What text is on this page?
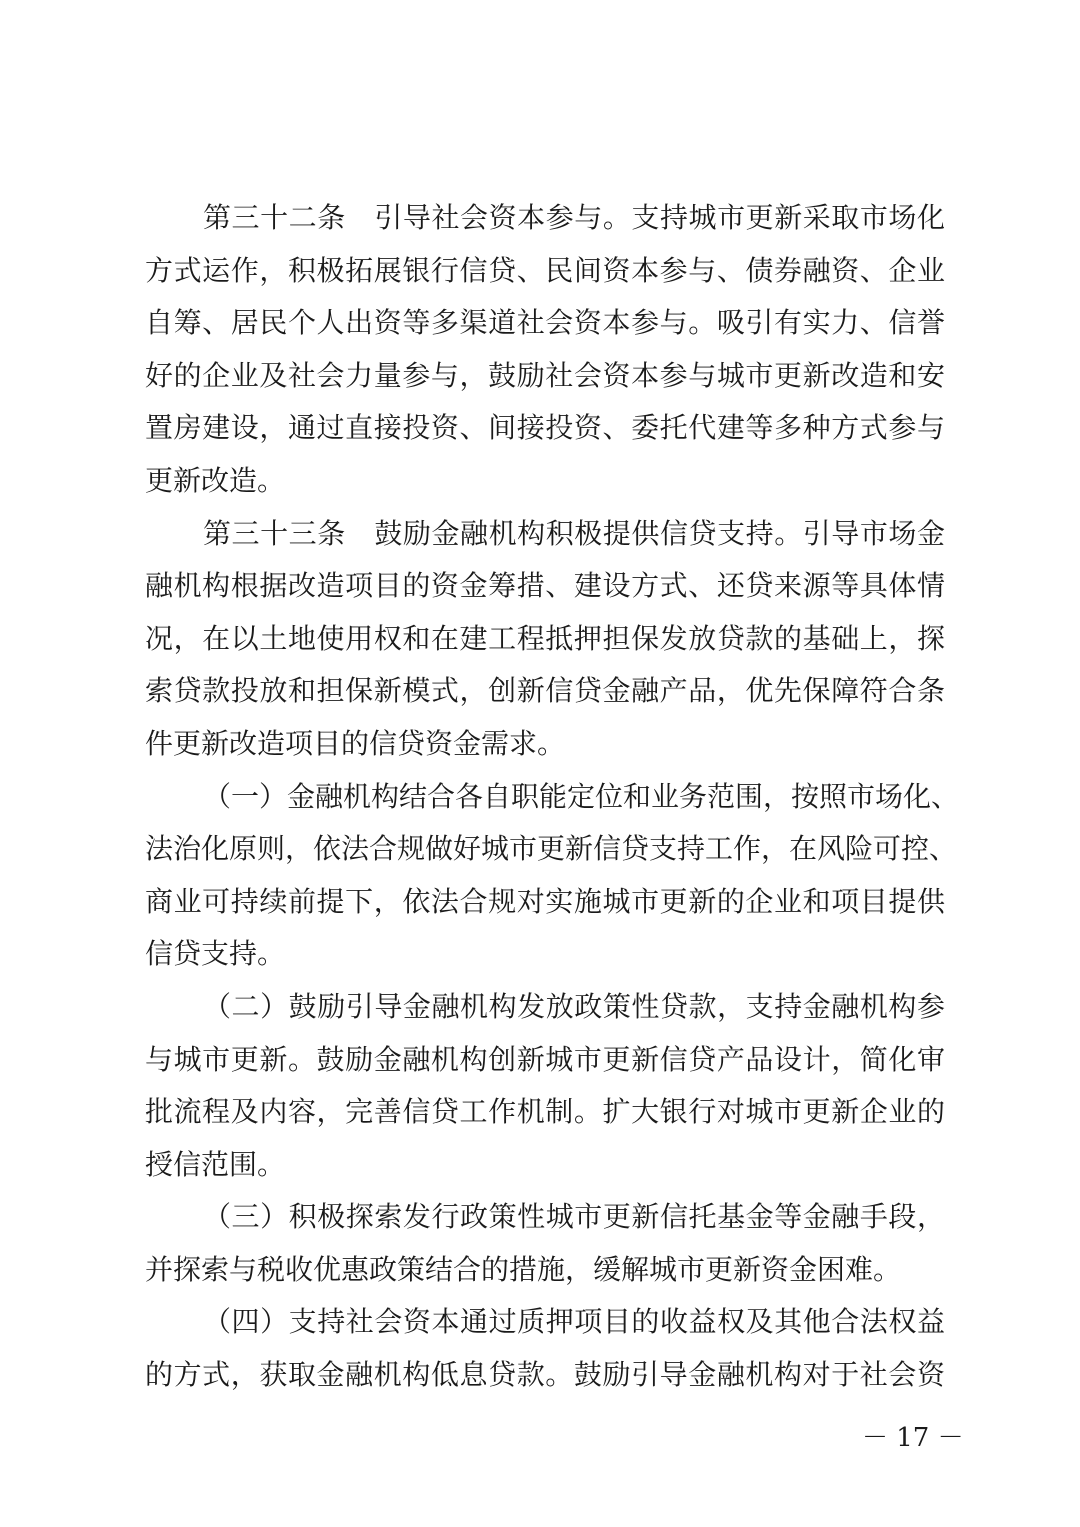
第三十二条　引导社会资本参与。支持城市更新采取市场化
方式运作，积极拓展银行信贷、民间资本参与、债券融资、企业
自筹、居民个人出资等多渠道社会资本参与。吸引有实力、信誉
好的企业及社会力量参与，鼓励社会资本参与城市更新改造和安
置房建设，通过直接投资、间接投资、委托代建等多种方式参与
更新改造。
第三十三条　鼓励金融机构积极提供信贷支持。引导市场金
融机构根据改造项目的资金筹措、建设方式、还贷来源等具体情
况，在以土地使用权和在建工程抵押担保发放贷款的基础上，探
索贷款投放和担保新模式，创新信贷金融产品，优先保障符合条
件更新改造项目的信贷资金需求。
（一）金融机构结合各自职能定位和业务范围，按照市场化、
法治化原则，依法合规做好城市更新信贷支持工作，在风险可控、
商业可持续前提下，依法合规对实施城市更新的企业和项目提供
信贷支持。
（二）鼓励引导金融机构发放政策性贷款，支持金融机构参
与城市更新。鼓励金融机构创新城市更新信贷产品设计，简化审
批流程及内容，完善信贷工作机制。扩大银行对城市更新企业的
授信范围。
（三）积极探索发行政策性城市更新信托基金等金融手段，
并探索与税收优惠政策结合的措施，缓解城市更新资金困难。
（四）支持社会资本通过质押项目的收益权及其他合法权益
的方式，获取金融机构低息贷款。鼓励引导金融机构对于社会资
－ 17 －
